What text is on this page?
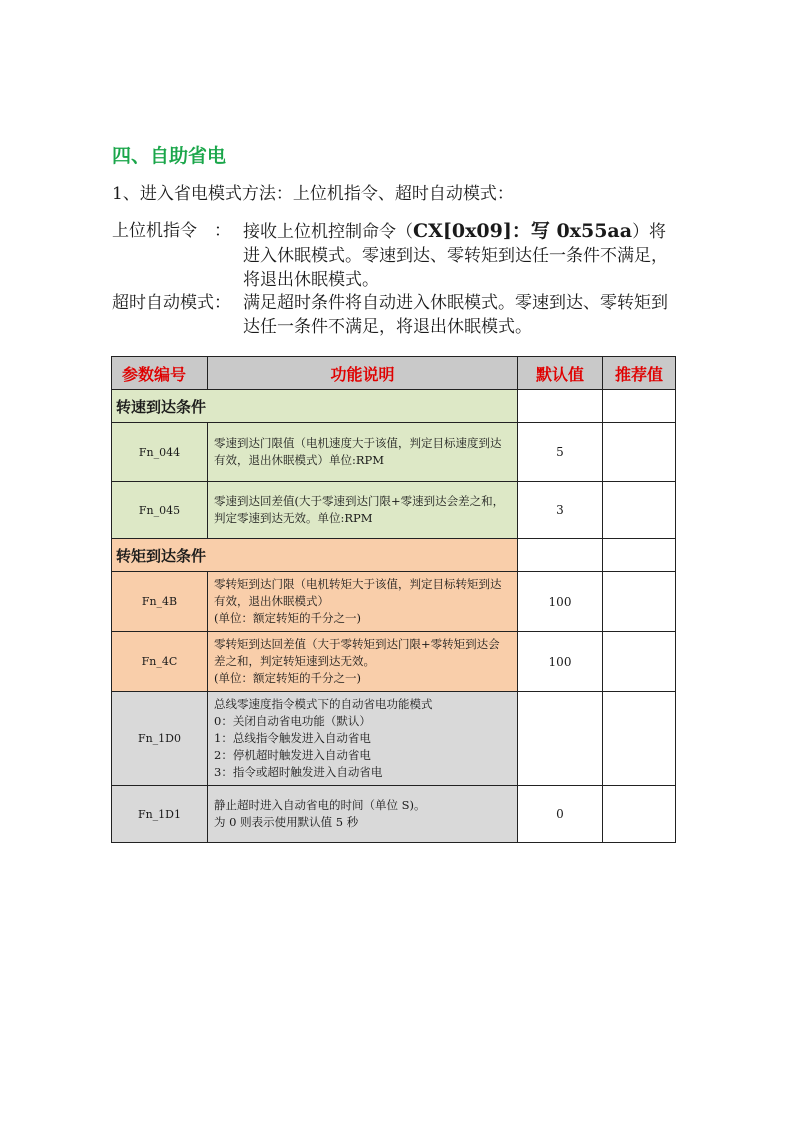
四、自助省电
1、进入省电模式方法：上位机指令、超时自动模式：
上位机指令　： 接收上位机控制命令（CX[0x09]：写 0x55aa）将进入休眠模式。零速到达、零转矩到达任一条件不满足，将退出休眠模式。
超时自动模式： 满足超时条件将自动进入休眠模式。零速到达、零转矩到达任一条件不满足，将退出休眠模式。
参数编号	功能说明	默认值	推荐值
转速到达条件			
Fn_044	零速到达门限值（电机速度大于该值，判定目标速度到达有效，退出休眠模式）单位:RPM	5	
Fn_045	零速到达回差值(大于零速到达门限+零速到达会差之和，判定零速到达无效。单位:RPM	3	
转矩到达条件			
Fn_4B	零转矩到达门限（电机转矩大于该值，判定目标转矩到达有效，退出休眠模式）
(单位：额定转矩的千分之一)	100	
Fn_4C	零转矩到达回差值（大于零转矩到达门限+零转矩到达会差之和，判定转矩速到达无效。
(单位：额定转矩的千分之一)	100	
Fn_1D0	总线零速度指令模式下的自动省电功能模式
0：关闭自动省电功能（默认）
1：总线指令触发进入自动省电
2：停机超时触发进入自动省电
3：指令或超时触发进入自动省电		

Fn_1D1	静止超时进入自动省电的时间（单位 S)。
为 0 则表示使用默认值 5 秒	0	
